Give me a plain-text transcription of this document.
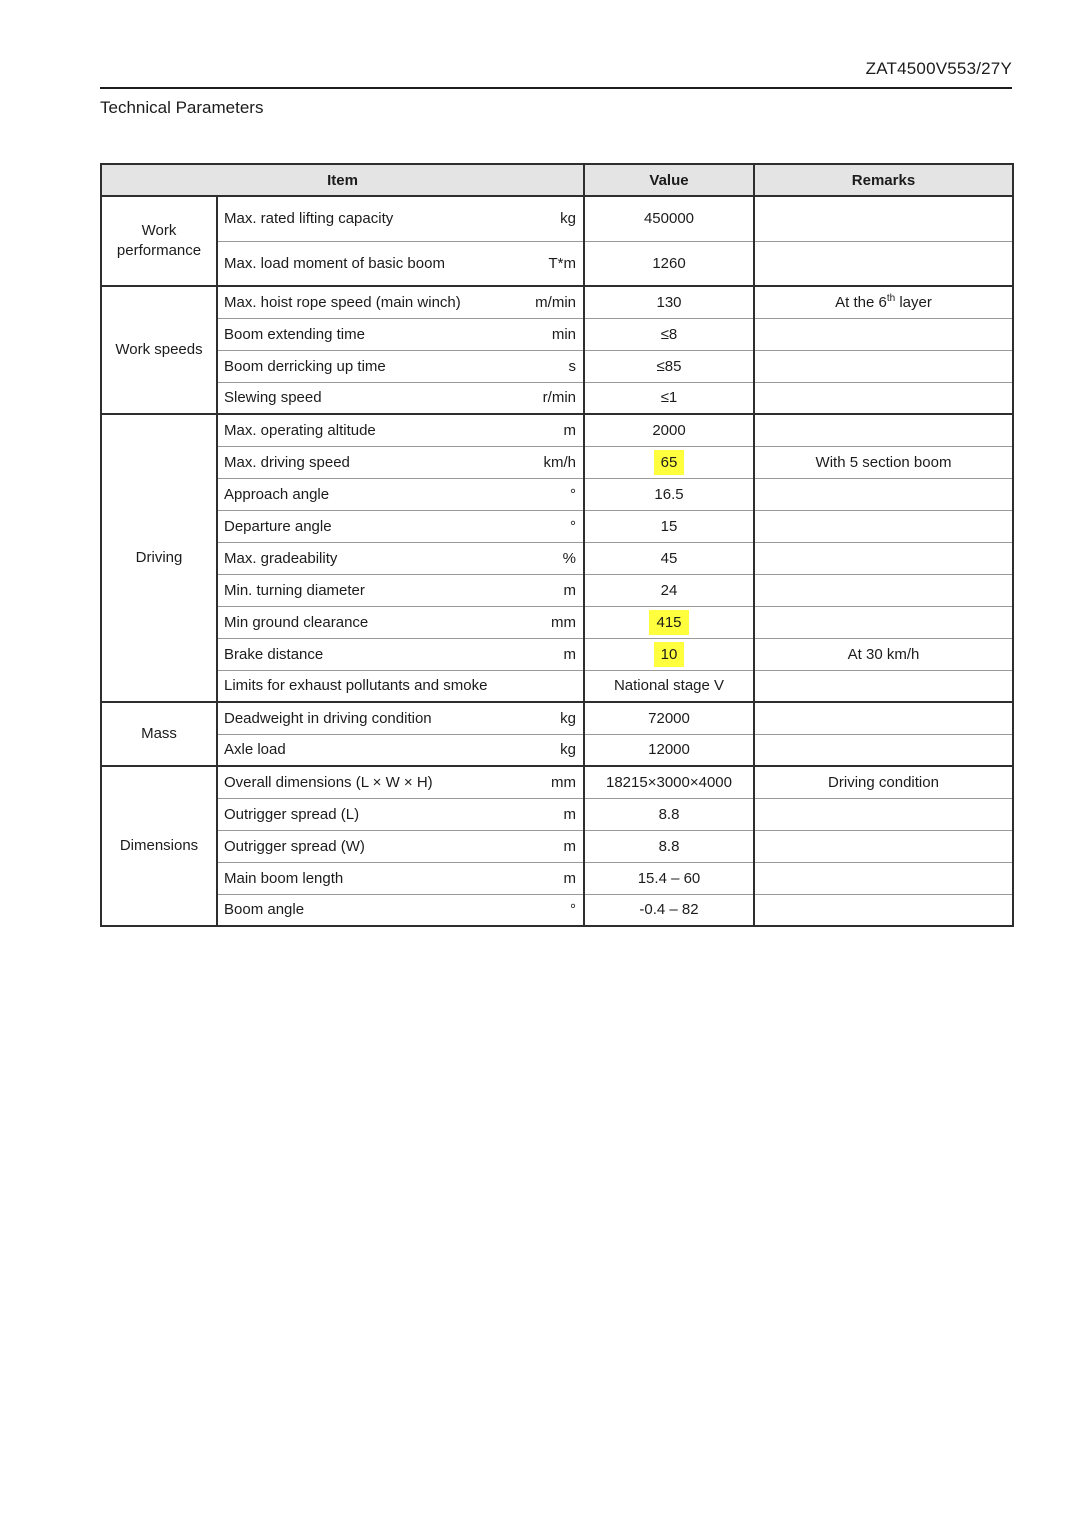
ZAT4500V553/27Y
Technical Parameters
Item		Value	Remarks
Work performance	Max. rated lifting capacity kg	450000	

	Max. load moment of basic boom T*m	1260	
Work speeds	Max. hoist rope speed (main winch) m/min	130	At the 6th layer

	Boom extending time min	≤8	

	Boom derricking up time s	≤85	

	Slewing speed r/min	≤1	
Driving	Max. operating altitude m	2000	

	Max. driving speed km/h	65	With 5 section boom

	Approach angle °	16.5	

	Departure angle °	15	

	Max. gradeability %	45	

	Min. turning diameter m	24	

	Min ground clearance mm	415	

	Brake distance m	10	At 30 km/h

	Limits for exhaust pollutants and smoke	National stage V	
Mass	Deadweight in driving condition kg	72000	

	Axle load kg	12000	
Dimensions	Overall dimensions (L × W × H) mm	18215×3000×4000	Driving condition

	Outrigger spread (L) m	8.8	

	Outrigger spread (W) m	8.8	

	Main boom length m	15.4 – 60	

	Boom angle °	-0.4 – 82	
